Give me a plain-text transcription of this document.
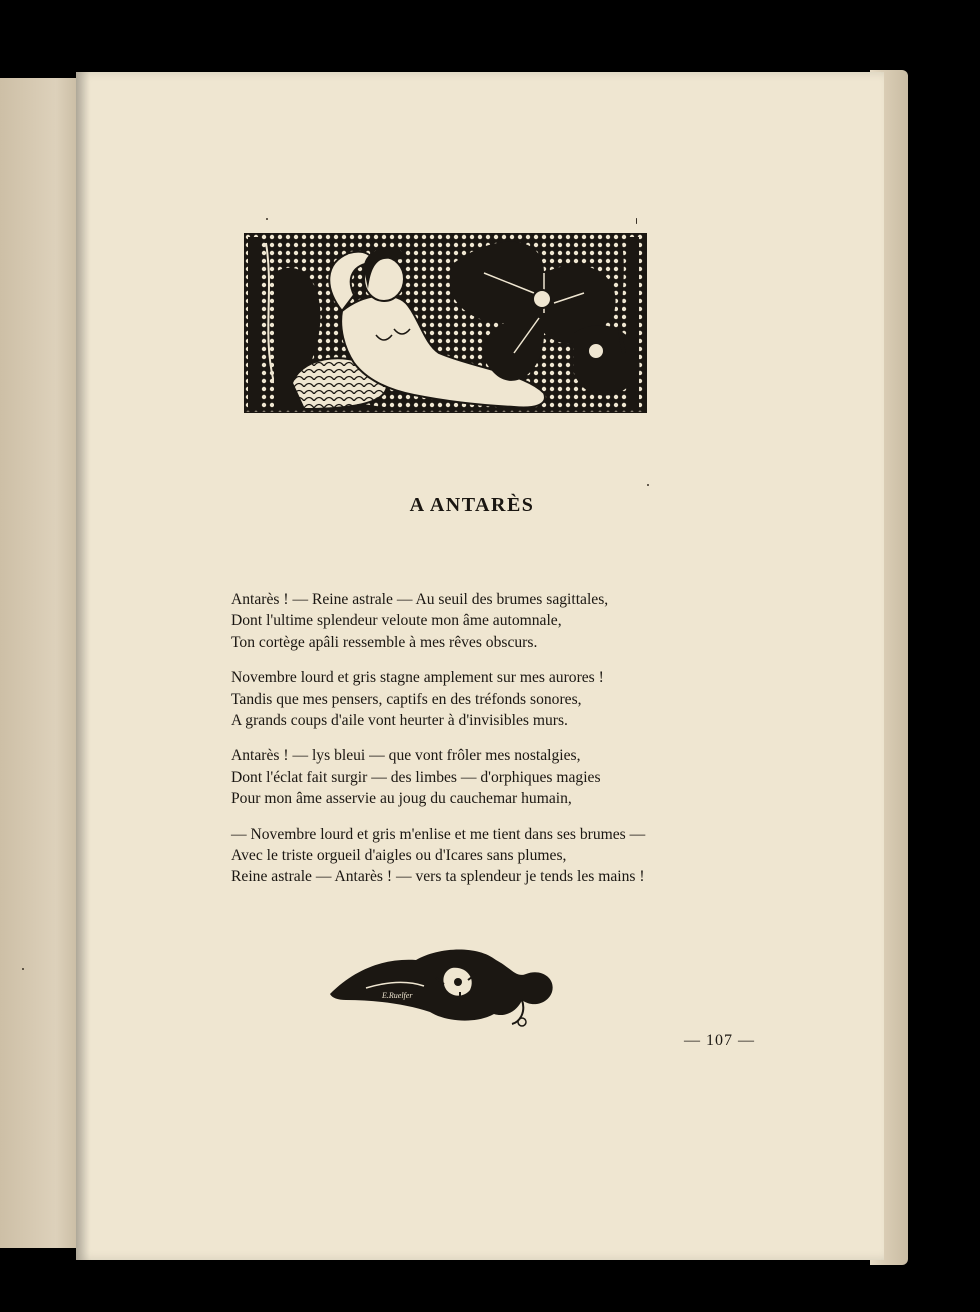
A ANTARÈS

Antarès ! — Reine astrale — Au seuil des brumes sagittales,
Dont l'ultime splendeur veloute mon âme automnale,
Ton cortège apâli ressemble à mes rêves obscurs.

Novembre lourd et gris stagne amplement sur mes aurores !
Tandis que mes pensers, captifs en des tréfonds sonores,
A grands coups d'aile vont heurter à d'invisibles murs.

Antarès ! — lys bleui — que vont frôler mes nostalgies,
Dont l'éclat fait surgir — des limbes — d'orphiques magies
Pour mon âme asservie au joug du cauchemar humain,

— Novembre lourd et gris m'enlise et me tient dans ses brumes —
Avec le triste orgueil d'aigles ou d'Icares sans plumes,
Reine astrale — Antarès ! — vers ta splendeur je tends les mains !

E.Ruelfer
— 107 —
